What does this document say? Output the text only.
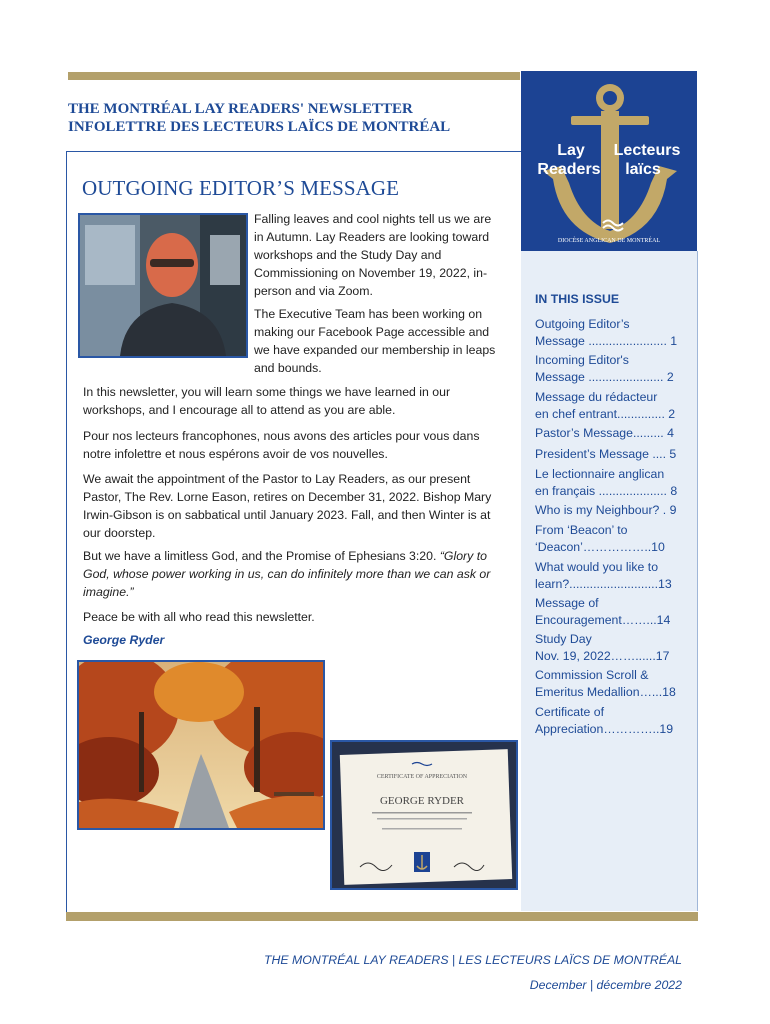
THE MONTRÉAL LAY READERS' NEWSLETTER
INFOLETTRE DES LECTEURS LAÏCS DE MONTRÉAL
Lay
Readers
Lecteurs
laïcs
DIOCÈSE ANGLICAN DE MONTRÉAL
OUTGOING EDITOR’S MESSAGE
Falling leaves and cool nights tell us we are in Autumn. Lay Readers are looking toward workshops and the Study Day and Commissioning on November 19, 2022, in-person and via Zoom.
The Executive Team has been working on making our Facebook Page accessible and we have expanded our membership in leaps and bounds.
In this newsletter, you will learn some things we have learned in our workshops, and I encourage all to attend as you are able.
Pour nos lecteurs francophones, nous avons des articles pour vous dans notre infolettre et nous espérons avoir de vos nouvelles.
We await the appointment of the Pastor to Lay Readers, as our present Pastor, The Rev. Lorne Eason, retires on December 31, 2022. Bishop Mary Irwin-Gibson is on sabbatical until January 2023. Fall, and then Winter is at our doorstep.
But we have a limitless God, and the Promise of Ephesians 3:20. “Glory to God, whose power working in us, can do infinitely more than we can ask or imagine.”
Peace be with all who read this newsletter.
George Ryder
CERTIFICATE OF APPRECIATION
GEORGE RYDER
IN THIS ISSUE
Outgoing Editor’s
Message ....................... 1
Incoming Editor's
Message ...................... 2
Message du rédacteur
en chef entrant.............. 2
Pastor’s Message......... 4
President’s Message .... 5
Le lectionnaire anglican
en français .................... 8
Who is my Neighbour? . 9
From ‘Beacon’ to
‘Deacon’……………..10
What would you like to
learn?..........................13
Message of
Encouragement……...14
Study Day
Nov. 19, 2022……......17
Commission Scroll &
Emeritus Medallion…...18
Certificate of
Appreciation…………..19
THE MONTRÉAL LAY READERS | LES LECTEURS LAÏCS DE MONTRÉAL
December | décembre 2022
